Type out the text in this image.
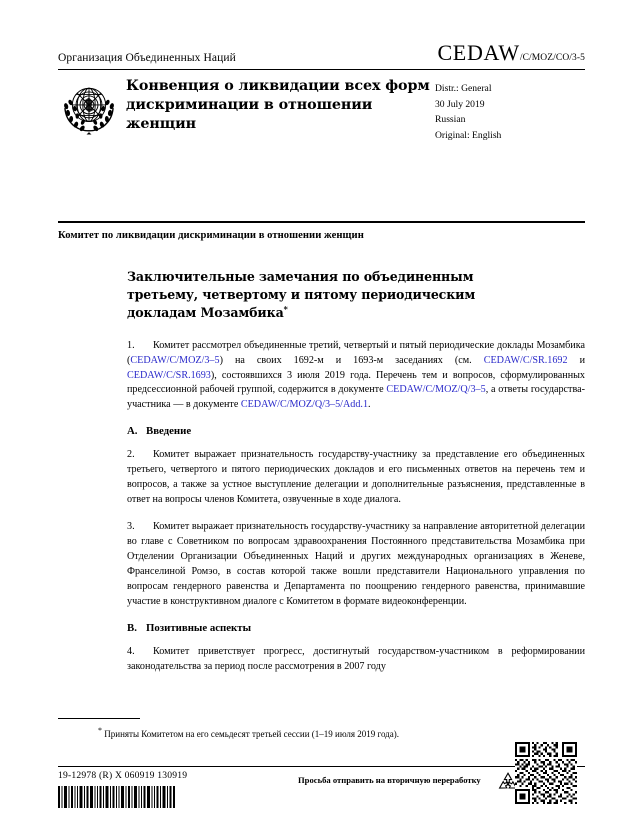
Организация Объединенных Наций	CEDAW/C/MOZ/CO/3-5
Конвенция о ликвидации всех форм дискриминации в отношении женщин
Distr.: General
30 July 2019
Russian
Original: English
Комитет по ликвидации дискриминации в отношении женщин
Заключительные замечания по объединенным третьему, четвертому и пятому периодическим докладам Мозамбика*

1. Комитет рассмотрел объединенные третий, четвертый и пятый периодические доклады Мозамбика (CEDAW/C/MOZ/3–5) на своих 1692-м и 1693-м заседаниях (см. CEDAW/C/SR.1692 и CEDAW/C/SR.1693), состоявшихся 3 июля 2019 года. Перечень тем и вопросов, сформулированных предсессионной рабочей группой, содержится в документе CEDAW/C/MOZ/Q/3–5, а ответы государства-участника — в документе CEDAW/C/MOZ/Q/3–5/Add.1.

A. Введение

2. Комитет выражает признательность государству-участнику за представление его объединенных третьего, четвертого и пятого периодических докладов и его письменных ответов на перечень тем и вопросов, а также за устное выступление делегации и дополнительные разъяснения, представленные в ответ на вопросы членов Комитета, озвученные в ходе диалога.

3. Комитет выражает признательность государству-участнику за направление авторитетной делегации во главе с Советником по вопросам здравоохранения Постоянного представительства Мозамбика при Отделении Организации Объединенных Наций и других международных организациях в Женеве, Франселиной Ромэо, в состав которой также вошли представители Национального управления по вопросам гендерного равенства и Департамента по поощрению гендерного равенства, принимавшие участие в конструктивном диалоге с Комитетом в формате видеоконференции.

B. Позитивные аспекты

4. Комитет приветствует прогресс, достигнутый государством-участником в реформировании законодательства за период после рассмотрения в 2007 году

* Приняты Комитетом на его семьдесят третьей сессии (1–19 июля 2019 года).
19-12978 (R) X 060919 130919	Просьба отправить на вторичную переработку
